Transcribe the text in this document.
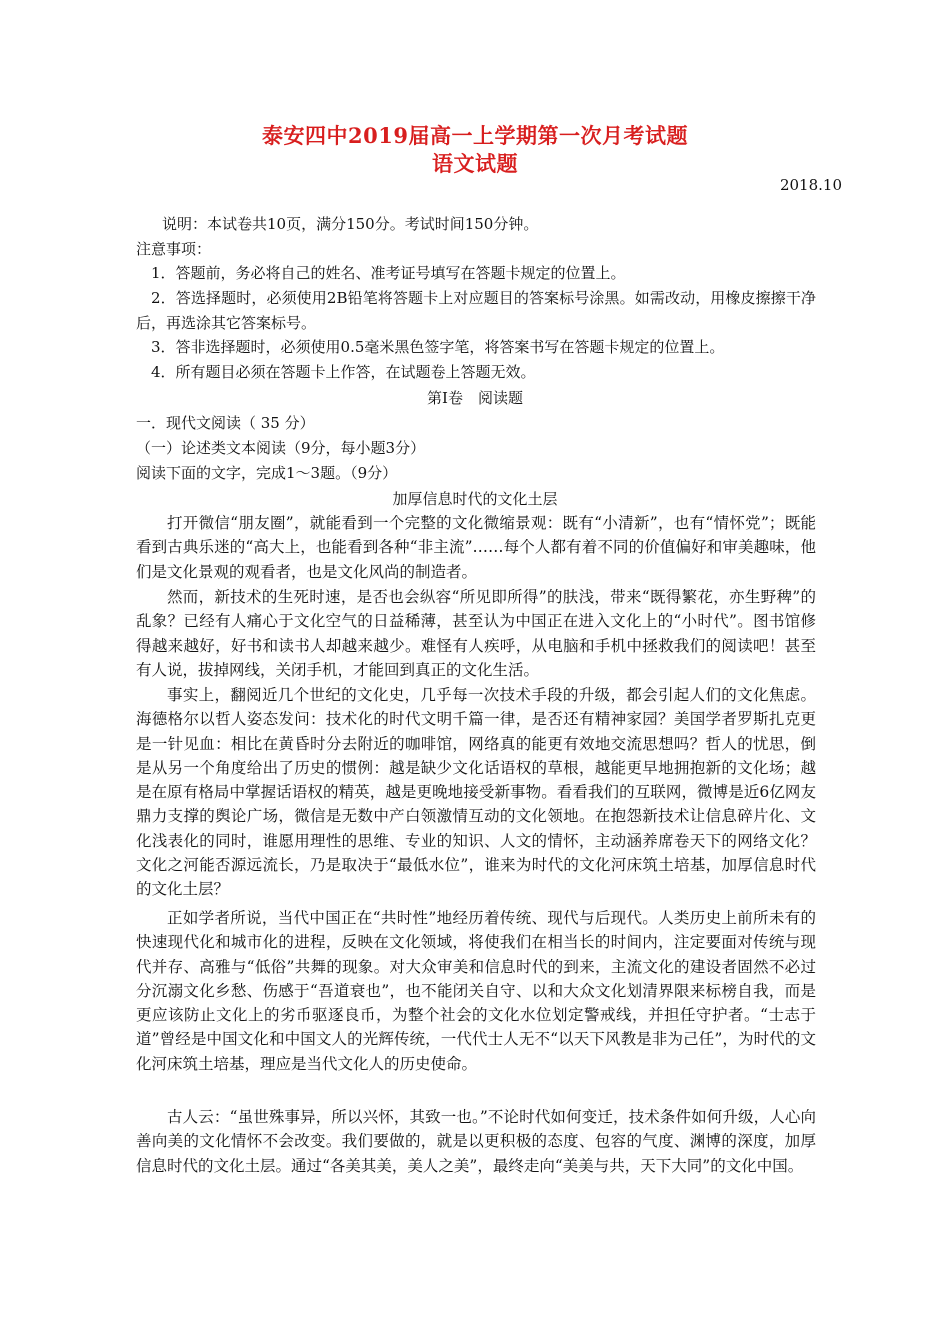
泰安四中2019届高一上学期第一次月考试题
语文试题
2018.10
说明：本试卷共10页，满分150分。考试时间150分钟。
注意事项：
1．答题前，务必将自己的姓名、准考证号填写在答题卡规定的位置上。
2．答选择题时，必须使用2B铅笔将答题卡上对应题目的答案标号涂黑。如需改动，用橡皮擦擦干净后，再选涂其它答案标号。
3．答非选择题时，必须使用0.5毫米黑色签字笔，将答案书写在答题卡规定的位置上。
4．所有题目必须在答题卡上作答，在试题卷上答题无效。
第Ⅰ卷　阅读题
一．现代文阅读（ 35 分）
（一）论述类文本阅读（9分，每小题3分）
阅读下面的文字，完成1～3题。（9分）
加厚信息时代的文化土层
打开微信“朋友圈”，就能看到一个完整的文化微缩景观：既有“小清新”，也有“情怀党”；既能看到古典乐迷的“高大上，也能看到各种“非主流”……每个人都有着不同的价值偏好和审美趣味，他们是文化景观的观看者，也是文化风尚的制造者。
然而，新技术的生死时速，是否也会纵容“所见即所得”的肤浅，带来“既得繁花，亦生野稗”的乱象？已经有人痛心于文化空气的日益稀薄，甚至认为中国正在进入文化上的“小时代”。图书馆修得越来越好，好书和读书人却越来越少。难怪有人疾呼，从电脑和手机中拯救我们的阅读吧！甚至有人说，拔掉网线，关闭手机，才能回到真正的文化生活。
事实上，翻阅近几个世纪的文化史，几乎每一次技术手段的升级，都会引起人们的文化焦虑。海德格尔以哲人姿态发问：技术化的时代文明千篇一律，是否还有精神家园？美国学者罗斯扎克更是一针见血：相比在黄昏时分去附近的咖啡馆，网络真的能更有效地交流思想吗？哲人的忧思，倒是从另一个角度给出了历史的惯例：越是缺少文化话语权的草根，越能更早地拥抱新的文化场；越是在原有格局中掌握话语权的精英，越是更晚地接受新事物。看看我们的互联网，微博是近6亿网友鼎力支撑的舆论广场，微信是无数中产白领激情互动的文化领地。在抱怨新技术让信息碎片化、文化浅表化的同时，谁愿用理性的思维、专业的知识、人文的情怀，主动涵养席卷天下的网络文化？文化之河能否源远流长，乃是取决于“最低水位”，谁来为时代的文化河床筑土培基，加厚信息时代的文化土层？
正如学者所说，当代中国正在“共时性”地经历着传统、现代与后现代。人类历史上前所未有的快速现代化和城市化的进程，反映在文化领域，将使我们在相当长的时间内，注定要面对传统与现代并存、高雅与“低俗”共舞的现象。对大众审美和信息时代的到来，主流文化的建设者固然不必过分沉溺文化乡愁、伤感于“吾道衰也”，也不能闭关自守、以和大众文化划清界限来标榜自我，而是更应该防止文化上的劣币驱逐良币，为整个社会的文化水位划定警戒线，并担任守护者。“士志于道”曾经是中国文化和中国文人的光辉传统，一代代士人无不“以天下风教是非为己任”，为时代的文化河床筑土培基，理应是当代文化人的历史使命。
古人云：“虽世殊事异，所以兴怀，其致一也。”不论时代如何变迁，技术条件如何升级，人心向善向美的文化情怀不会改变。我们要做的，就是以更积极的态度、包容的气度、渊博的深度，加厚信息时代的文化土层。通过“各美其美，美人之美”，最终走向“美美与共，天下大同”的文化中国。
